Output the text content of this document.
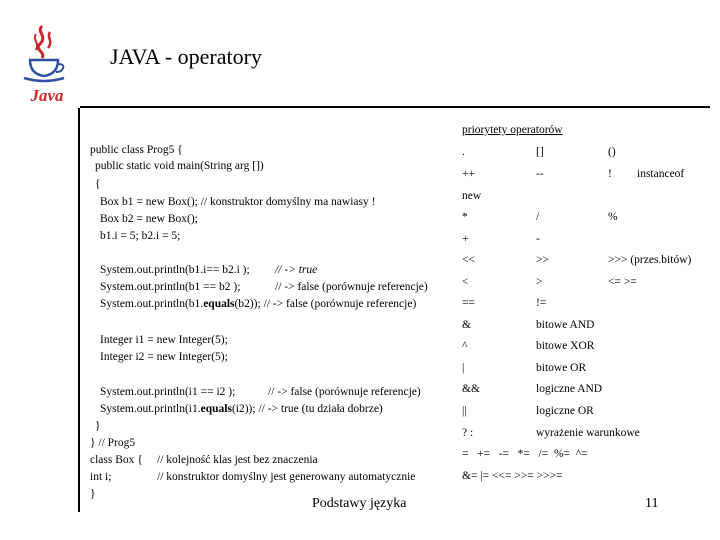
Java
JAVA - operatory
public class Prog5 {
public static void main(String arg [])
{
Box b1 = new Box(); // konstruktor domyślny ma nawiasy !
Box b2 = new Box();
b1.i = 5; b2.i = 5;
System.out.println(b1.i== b2.i ); // -> true
System.out.println(b1 == b2 );	// -> false (porównuje referencje)
System.out.println(b1.equals(b2)); // -> false (porównuje referencje)
Integer i1 = new Integer(5);
Integer i2 = new Integer(5);
System.out.println(i1 == i2 );	// -> false (porównuje referencje)
System.out.println(i1.equals(i2)); // -> true (tu działa dobrze)
}
} // Prog5
class Box { // kolejność klas jest bez znaczenia
int i;	// konstruktor domyślny jest generowany automatycznie
}
priorytety operatorów
.	[]	()
++	--	! instanceof
new
*	/	%
+	-
<<	>>	>>> (przes.bitów)
<	>	<= >=
==	!=
&	bitowe AND
^	bitowe XOR
|	bitowe OR
&&	logiczne AND
||	logiczne OR
? :	wyrażenie warunkowe
=   +=   -=   *=   /=  %=  ^=
&= |= <<= >>= >>>=
Podstawy języka	11
